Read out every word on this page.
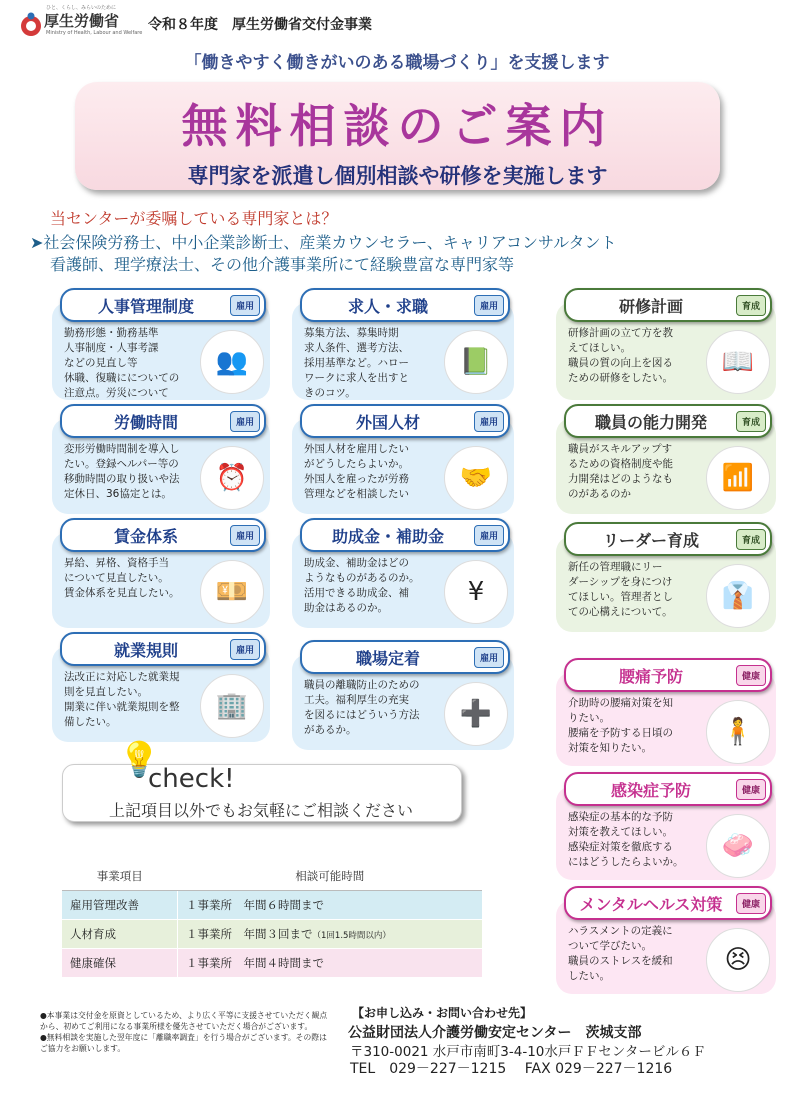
ひと、くらし、みらいのために
厚生労働省
Ministry of Health, Labour and Welfare 令和８年度　厚生労働省交付金事業
「働きやすく働きがいのある職場づくり」を支援します
無料相談のご案内
専門家を派遣し個別相談や研修を実施します
当センターが委嘱している専門家とは？
➤社会保険労務士、中小企業診断士、産業カウンセラー、キャリアコンサルタント
看護師、理学療法士、その他介護事業所にて経験豊富な専門家等
人事管理制度	雇用
勤務形態・勤務基準
人事制度・人事考課
などの見直し等
休職、復職にについての
注意点。労災について
👥
求人・求職	雇用
募集方法、募集時期
求人条件、選考方法、
採用基準など。ハロー
ワークに求人を出すと
きのコツ。
📗
研修計画	育成
研修計画の立て方を教
えてほしい。
職員の質の向上を図る
ための研修をしたい。
📖
労働時間	雇用
変形労働時間制を導入し
たい。登録ヘルパー等の
移動時間の取り扱いや法
定休日、36協定とは。
⏰
外国人材	雇用
外国人材を雇用したい
がどうしたらよいか。
外国人を雇ったが労務
管理などを相談したい
🤝
職員の能力開発	育成
職員がスキルアップす
るための資格制度や能
力開発はどのようなも
のがあるのか
📶
賃金体系	雇用
昇給、昇格、資格手当
について見直したい。
賃金体系を見直したい。	💴
助成金・補助金	雇用
助成金、補助金はどの
ようなものがあるのか。
活用できる助成金、補
助金はあるのか。
¥
リーダー育成	育成
新任の管理職にリー
ダーシップを身につけ
てほしい。管理者とし
ての心構えについて。
👔
就業規則	雇用
法改正に対応した就業規
則を見直したい。
開業に伴い就業規則を整
備したい。
🏢
職場定着	雇用
職員の離職防止のための
工夫。福利厚生の充実
を図るにはどういう方法
があるか。
➕
腰痛予防	健康
介助時の腰痛対策を知
りたい。
腰痛を予防する日頃の
対策を知りたい。
🧍
感染症予防	健康
感染症の基本的な予防
対策を教えてほしい。
感染症対策を徹底する
にはどうしたらよいか。
🧼
メンタルヘルス対策	健康
ハラスメントの定義に
ついて学びたい。
職員のストレスを緩和
したい。
😣
💡
check!
上記項目以外でもお気軽にご相談ください
事業項目	相談可能時間
雇用管理改善	１事業所　年間６時間まで
人材育成	１事業所　年間３回まで（1回1.5時間以内）
健康確保	１事業所　年間４時間まで
●本事業は交付金を原資としているため、より広く平等に支援させていただく観点から、初めてご利用になる事業所様を優先させていただく場合がございます。
●無料相談を実施した翌年度に「離職率調査」を行う場合がございます。その際はご協力をお願いします。
【お申し込み・お問い合わせ先】
公益財団法人介護労働安定センター　茨城支部
〒310-0021 水戸市南町3-4-10水戸ＦＦセンタービル６Ｆ
TEL　029－227－1215　 FAX 029－227－1216
